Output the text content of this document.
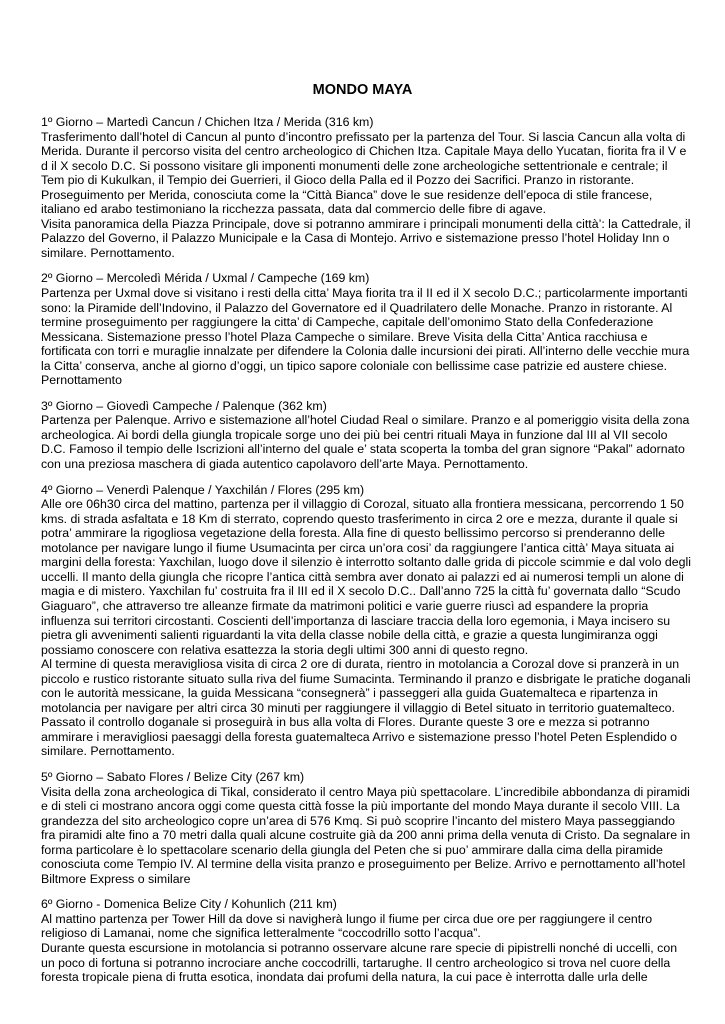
MONDO MAYA

1º Giorno – Martedì Cancun / Chichen Itza / Merida (316 km)

Trasferimento dall’hotel di Cancun al punto d’incontro prefissato per la partenza del Tour. Si lascia Cancun alla volta di Merida. Durante il percorso visita del centro archeologico di Chichen Itza. Capitale Maya dello Yucatan, fiorita fra il V e d il X secolo D.C. Si possono visitare gli imponenti monumenti delle zone archeologiche settentrionale e centrale; il Tem pio di Kukulkan, il Tempio dei Guerrieri, il Gioco della Palla ed il Pozzo dei Sacrifici. Pranzo in ristorante. Proseguimento per Merida, conosciuta come la “Città Bianca” dove le sue residenze dell’epoca di stile francese, italiano ed arabo testimoniano la ricchezza passata, data dal commercio delle fibre di agave.

Visita panoramica della Piazza Principale, dove si potranno ammirare i principali monumenti della città’: la Cattedrale, il Palazzo del Governo, il Palazzo Municipale e la Casa di Montejo. Arrivo e sistemazione presso l’hotel Holiday Inn o similare. Pernottamento.

2º Giorno – Mercoledì Mérida / Uxmal / Campeche (169 km)

Partenza per Uxmal dove si visitano i resti della citta’ Maya fiorita tra il II ed il X secolo D.C.; particolarmente importanti sono: la Piramide dell’Indovino, il Palazzo del Governatore ed il Quadrilatero delle Monache. Pranzo in ristorante. Al termine proseguimento per raggiungere la citta’ di Campeche, capitale dell’omonimo Stato della Confederazione Messicana. Sistemazione presso l’hotel Plaza Campeche o similare. Breve Visita della Citta’ Antica racchiusa e fortificata con torri e muraglie innalzate per difendere la Colonia dalle incursioni dei pirati. All’interno delle vecchie mura la Citta’ conserva, anche al giorno d’oggi, un tipico sapore coloniale con bellissime case patrizie ed austere chiese. Pernottamento

3º Giorno – Giovedì Campeche / Palenque (362 km)

Partenza per Palenque. Arrivo e sistemazione all’hotel Ciudad Real o similare. Pranzo e al pomeriggio visita della zona archeologica. Ai bordi della giungla tropicale sorge uno dei più bei centri rituali Maya in funzione dal III al VII secolo D.C. Famoso il tempio delle Iscrizioni all’interno del quale e’ stata scoperta la tomba del gran signore “Pakal” adornato con una preziosa maschera di giada autentico capolavoro dell’arte Maya. Pernottamento.

4º Giorno – Venerdì Palenque / Yaxchilán / Flores (295 km)

Alle ore 06h30 circa del mattino, partenza per il villaggio di Corozal, situato alla frontiera messicana, percorrendo 1 50 kms. di strada asfaltata e 18 Km di sterrato, coprendo questo trasferimento in circa 2 ore e mezza, durante il quale si potra’ ammirare la rigogliosa vegetazione della foresta. Alla fine di questo bellissimo percorso si prenderanno delle motolance per navigare lungo il fiume Usumacinta per circa un’ora cosi’ da raggiungere l’antica città’ Maya situata ai margini della foresta: Yaxchilan, luogo dove il silenzio è interrotto soltanto dalle grida di piccole scimmie e dal volo degli uccelli. Il manto della giungla che ricopre l’antica città sembra aver donato ai palazzi ed ai numerosi templi un alone di magia e di mistero. Yaxchilan fu’ costruita fra il III ed il X secolo D.C.. Dall’anno 725 la città fu’ governata dallo “Scudo Giaguaro”, che attraverso tre alleanze firmate da matrimoni politici e varie guerre riuscì ad espandere la propria influenza sui territori circostanti. Coscienti dell’importanza di lasciare traccia della loro egemonia, i Maya incisero su pietra gli avvenimenti salienti riguardanti la vita della classe nobile della città, e grazie a questa lungimiranza oggi possiamo conoscere con relativa esattezza la storia degli ultimi 300 anni di questo regno.

Al termine di questa meravigliosa visita di circa 2 ore di durata, rientro in motolancia a Corozal dove si pranzerà in un piccolo e rustico ristorante situato sulla riva del fiume Sumacinta. Terminando il pranzo e disbrigate le pratiche doganali con le autorità messicane, la guida Messicana “consegnerà” i passeggeri alla guida Guatemalteca e ripartenza in motolancia per navigare per altri circa 30 minuti per raggiungere il villaggio di Betel situato in territorio guatemalteco. Passato il controllo doganale si proseguirà in bus alla volta di Flores. Durante queste 3 ore e mezza si potranno ammirare i meravigliosi paesaggi della foresta guatemalteca Arrivo e sistemazione presso l’hotel Peten Esplendido o similare. Pernottamento.

5º Giorno – Sabato Flores / Belize City (267 km)

Visita della zona archeologica di Tikal, considerato il centro Maya più spettacolare. L’incredibile abbondanza di piramidi e di steli ci mostrano ancora oggi come questa città fosse la più importante del mondo Maya durante il secolo VIII. La grandezza del sito archeologico copre un’area di 576 Kmq. Si può scoprire l’incanto del mistero Maya passeggiando fra piramidi alte fino a 70 metri dalla quali alcune costruite già da 200 anni prima della venuta di Cristo. Da segnalare in forma particolare è lo spettacolare scenario della giungla del Peten che si puo’ ammirare dalla cima della piramide conosciuta come Tempio IV. Al termine della visita pranzo e proseguimento per Belize. Arrivo e pernottamento all’hotel Biltmore Express o similare

6º Giorno - Domenica Belize City / Kohunlich (211 km)

Al mattino partenza per Tower Hill da dove si navigherà lungo il fiume per circa due ore per raggiungere il centro religioso di Lamanai, nome che significa letteralmente “coccodrillo sotto l’acqua”.

Durante questa escursione in motolancia si potranno osservare alcune rare specie di pipistrelli nonché di uccelli, con un poco di fortuna si potranno incrociare anche coccodrilli, tartarughe. Il centro archeologico si trova nel cuore della foresta tropicale piena di frutta esotica, inondata dai profumi della natura, la cui pace è interrotta dalle urla delle
